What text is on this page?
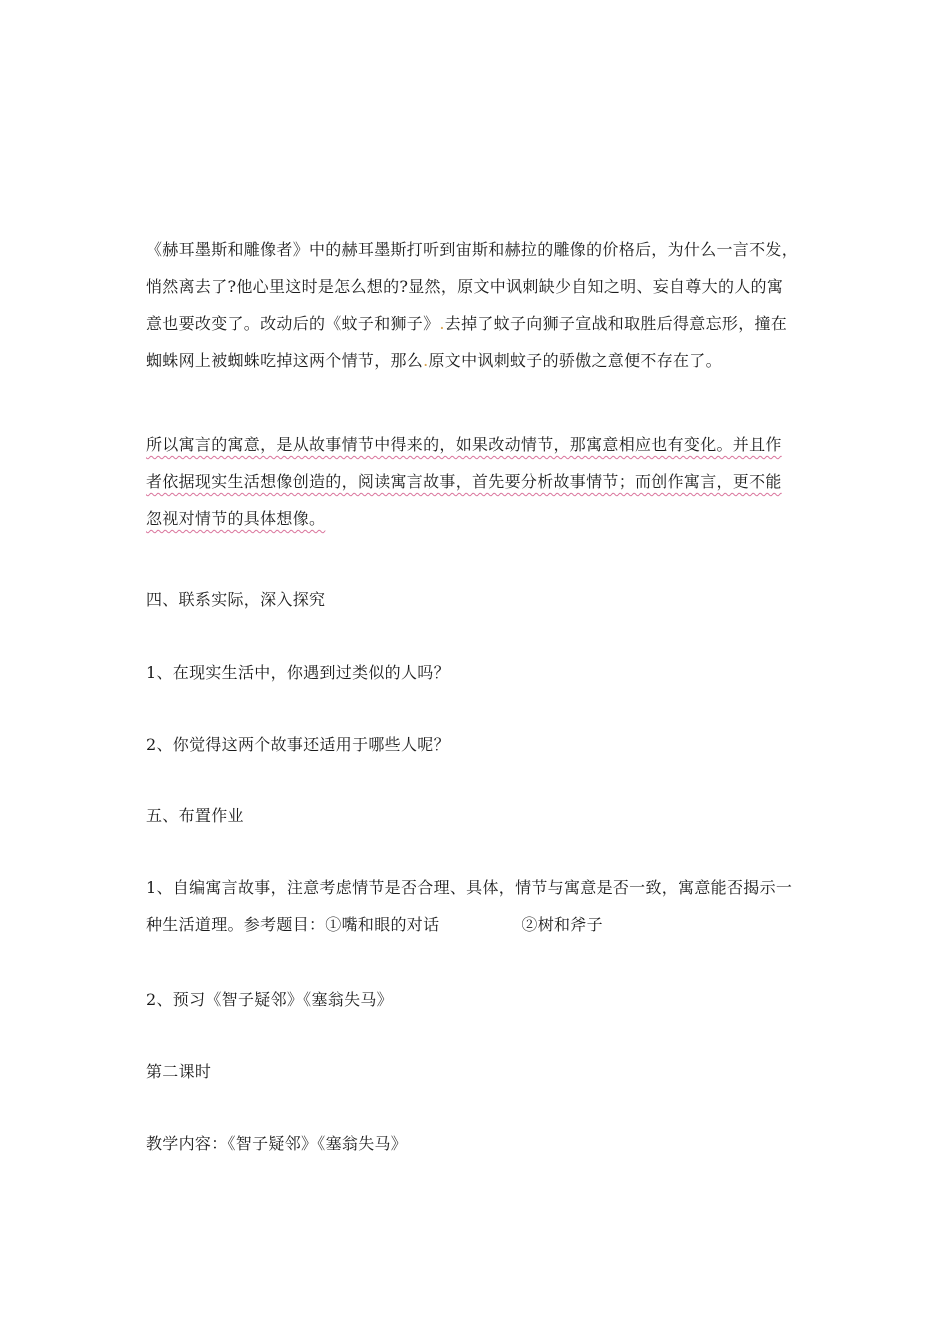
《赫耳墨斯和雕像者》中的赫耳墨斯打听到宙斯和赫拉的雕像的价格后，为什么一言不发，
悄然离去了?他心里这时是怎么想的?显然，原文中讽刺缺少自知之明、妄自尊大的人的寓
意也要改变了。改动后的《蚊子和狮子》.去掉了蚊子向狮子宣战和取胜后得意忘形，撞在
蜘蛛网上被蜘蛛吃掉这两个情节，那么.原文中讽刺蚊子的骄傲之意便不存在了。
所以寓言的寓意，是从故事情节中得来的，如果改动情节，那寓意相应也有变化。并且作
者依据现实生活想像创造的，阅读寓言故事，首先要分析故事情节；而创作寓言，更不能
忽视对情节的具体想像。

四、联系实际，深入探究

1、在现实生活中，你遇到过类似的人吗？

2、你觉得这两个故事还适用于哪些人呢？

五、布置作业

1、自编寓言故事，注意考虑情节是否合理、具体，情节与寓意是否一致，寓意能否揭示一
种生活道理。参考题目：①嘴和眼的对话	②树和斧子

2、预习《智子疑邻》《塞翁失马》

第二课时

教学内容：《智子疑邻》《塞翁失马》
